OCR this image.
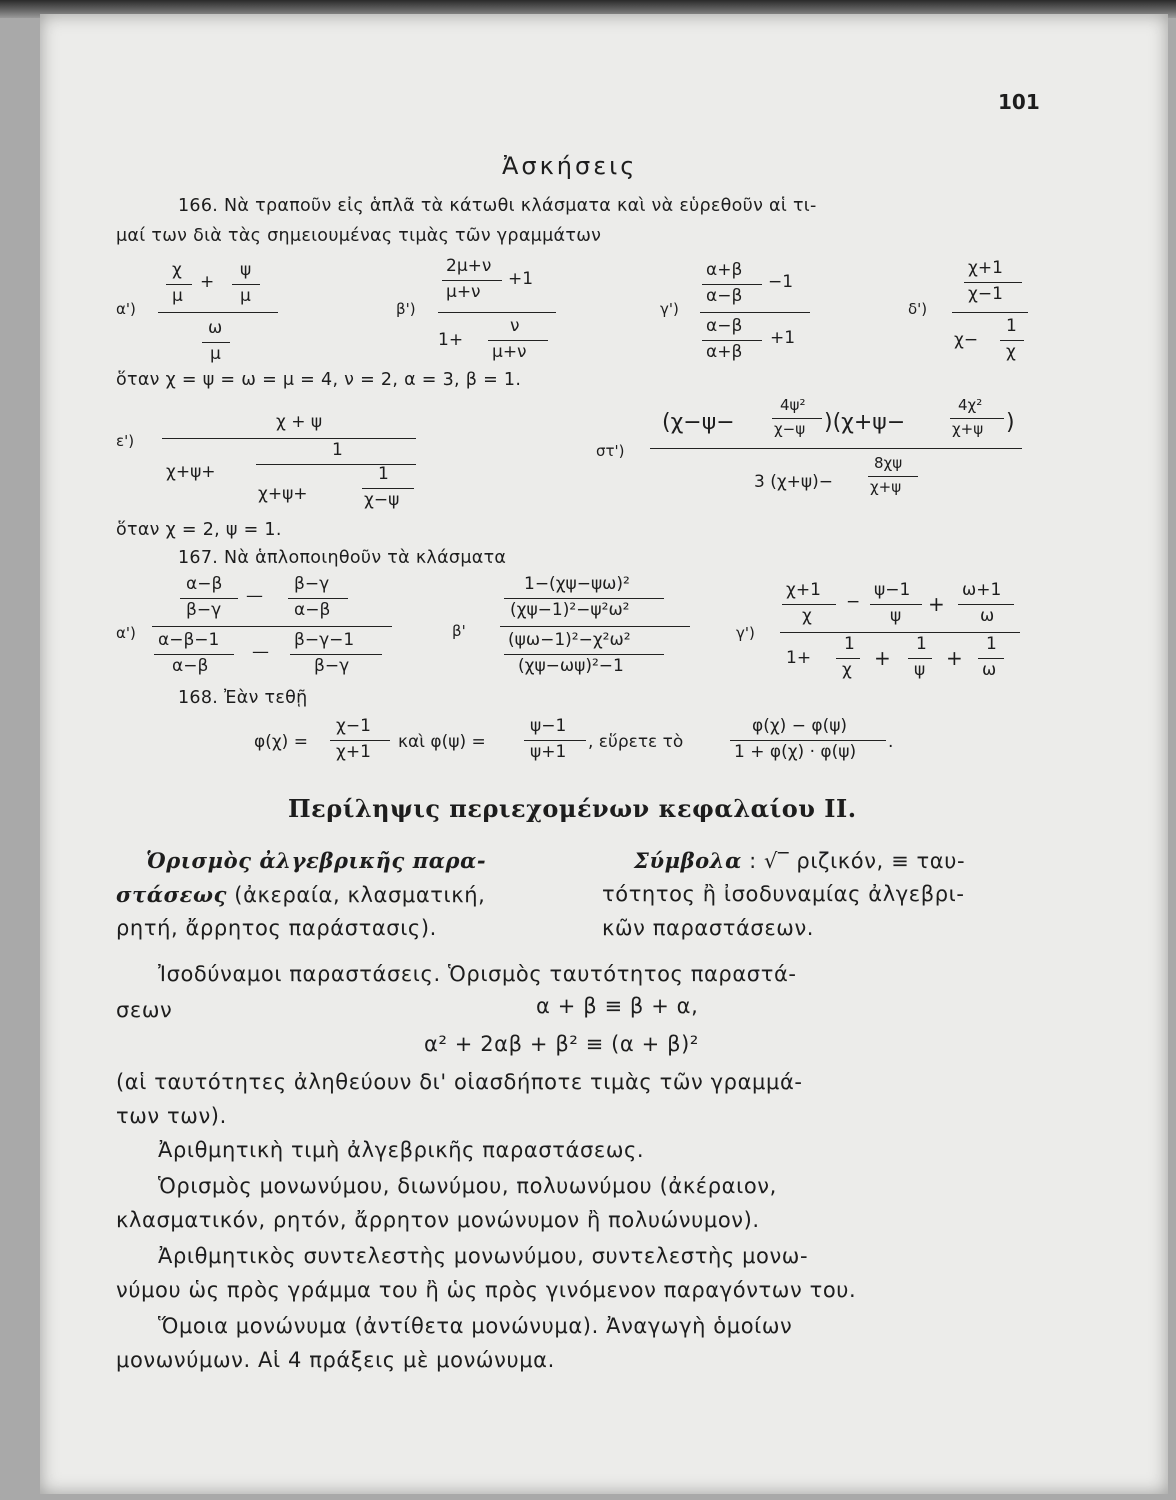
101
Ἀσκήσεις
166. Νὰ τραποῦν εἰς ἁπλᾶ τὰ κάτωθι κλάσματα καὶ νὰ εὑρεθοῦν αἱ τι-
μαί των διὰ τὰς σημειουμένας τιμὰς τῶν γραμμάτων
α')
χ
μ
+
ψ
μ
ω
μ
β')
2μ+ν
μ+ν
+1
1+
ν
μ+ν
γ')
α+β
α−β
−1
α−β
α+β
+1
δ')
χ+1
χ−1
χ−
1
χ
ὅταν χ = ψ = ω = μ = 4, ν = 2, α = 3, β = 1.
ε')
χ + ψ
χ+ψ+
1
χ+ψ+
1
χ−ψ
στ')
(χ−ψ−
4ψ²
χ−ψ )(χ+ψ−
4χ²
χ+ψ )
3 (χ+ψ)−
8χψ
χ+ψ
ὅταν χ = 2, ψ = 1.
167. Νὰ ἁπλοποιηθοῦν τὰ κλάσματα
α')
α−β
β−γ
—
β−γ
α−β
α−β−1
α−β
—
β−γ−1
β−γ
β'
1−(χψ−ψω)²
(χψ−1)²−ψ²ω²
(ψω−1)²−χ²ω²
(χψ−ωψ)²−1
γ')
χ+1
χ
−
ψ−1
ψ +
ω+1
ω
1+
1
χ +
1
ψ +
1
ω
168. Ἐὰν τεθῇ
φ(χ) =
χ−1
χ+1 καὶ φ(ψ) =
ψ−1
ψ+1 , εὕρετε τὸ
φ(χ) − φ(ψ)
1 + φ(χ) · φ(ψ) .
Περίληψις περιεχομένων κεφαλαίου ΙΙ.
Ὁρισμὸς ἀλγεβρικῆς παρα-
στάσεως (ἀκεραία, κλασματική,
ρητή, ἄρρητος παράστασις).
Σύμβολα : √‾ ριζικόν, ≡ ταυ-
τότητος ἢ ἰσοδυναμίας ἀλγεβρι-
κῶν παραστάσεων.
Ἰσοδύναμοι παραστάσεις. Ὁρισμὸς ταυτότητος παραστά-
σεων	α + β ≡ β + α,
α² + 2αβ + β² ≡ (α + β)²
(αἱ ταυτότητες ἀληθεύουν δι' οἱασδήποτε τιμὰς τῶν γραμμά-
των των).
Ἀριθμητικὴ τιμὴ ἀλγεβρικῆς παραστάσεως.
Ὁρισμὸς μονωνύμου, διωνύμου, πολυωνύμου (ἀκέραιον,
κλασματικόν, ρητόν, ἄρρητον μονώνυμον ἢ πολυώνυμον).
Ἀριθμητικὸς συντελεστὴς μονωνύμου, συντελεστὴς μονω-
νύμου ὡς πρὸς γράμμα του ἢ ὡς πρὸς γινόμενον παραγόντων του.
Ὅμοια μονώνυμα (ἀντίθετα μονώνυμα). Ἀναγωγὴ ὁμοίων
μονωνύμων. Αἱ 4 πράξεις μὲ μονώνυμα.
